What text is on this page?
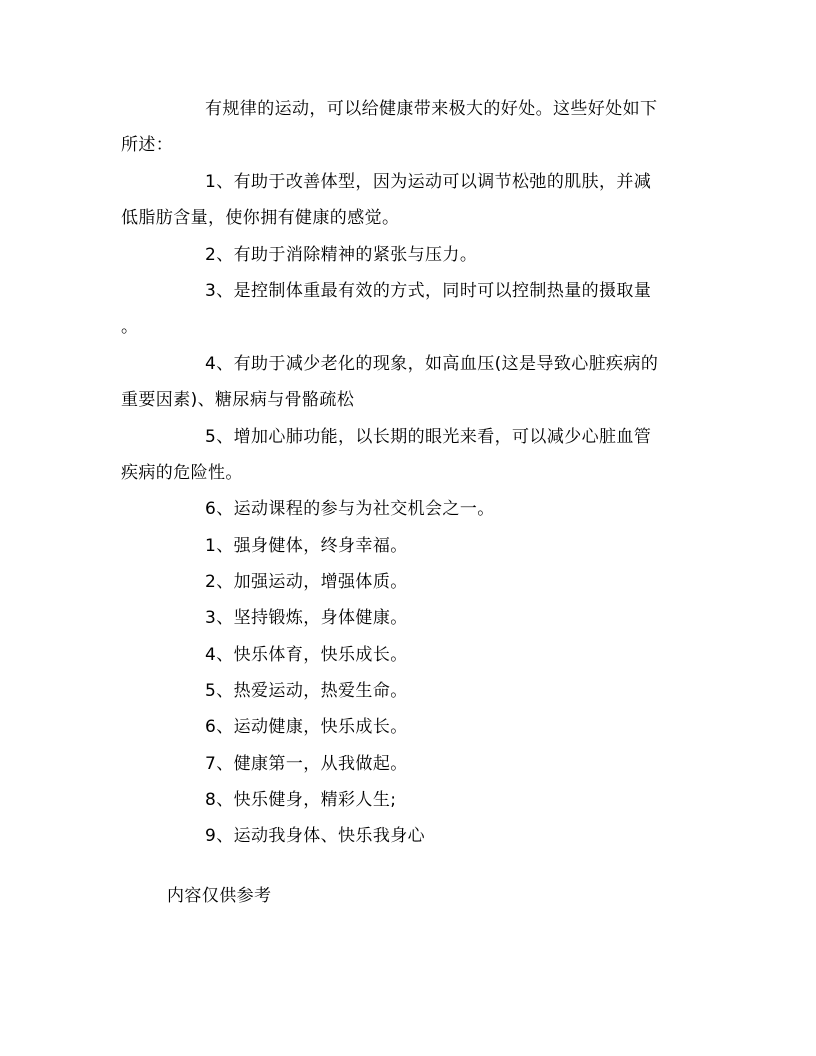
有规律的运动，可以给健康带来极大的好处。这些好处如下
所述：
1、有助于改善体型，因为运动可以调节松弛的肌肤，并减
低脂肪含量，使你拥有健康的感觉。
2、有助于消除精神的紧张与压力。
3、是控制体重最有效的方式，同时可以控制热量的摄取量
。
4、有助于减少老化的现象，如高血压(这是导致心脏疾病的
重要因素)、糖尿病与骨骼疏松
5、增加心肺功能，以长期的眼光来看，可以减少心脏血管
疾病的危险性。
6、运动课程的参与为社交机会之一。
1、强身健体，终身幸福。
2、加强运动，增强体质。
3、坚持锻炼，身体健康。
4、快乐体育，快乐成长。
5、热爱运动，热爱生命。
6、运动健康，快乐成长。
7、健康第一，从我做起。
8、快乐健身，精彩人生;
9、运动我身体、快乐我身心
内容仅供参考
